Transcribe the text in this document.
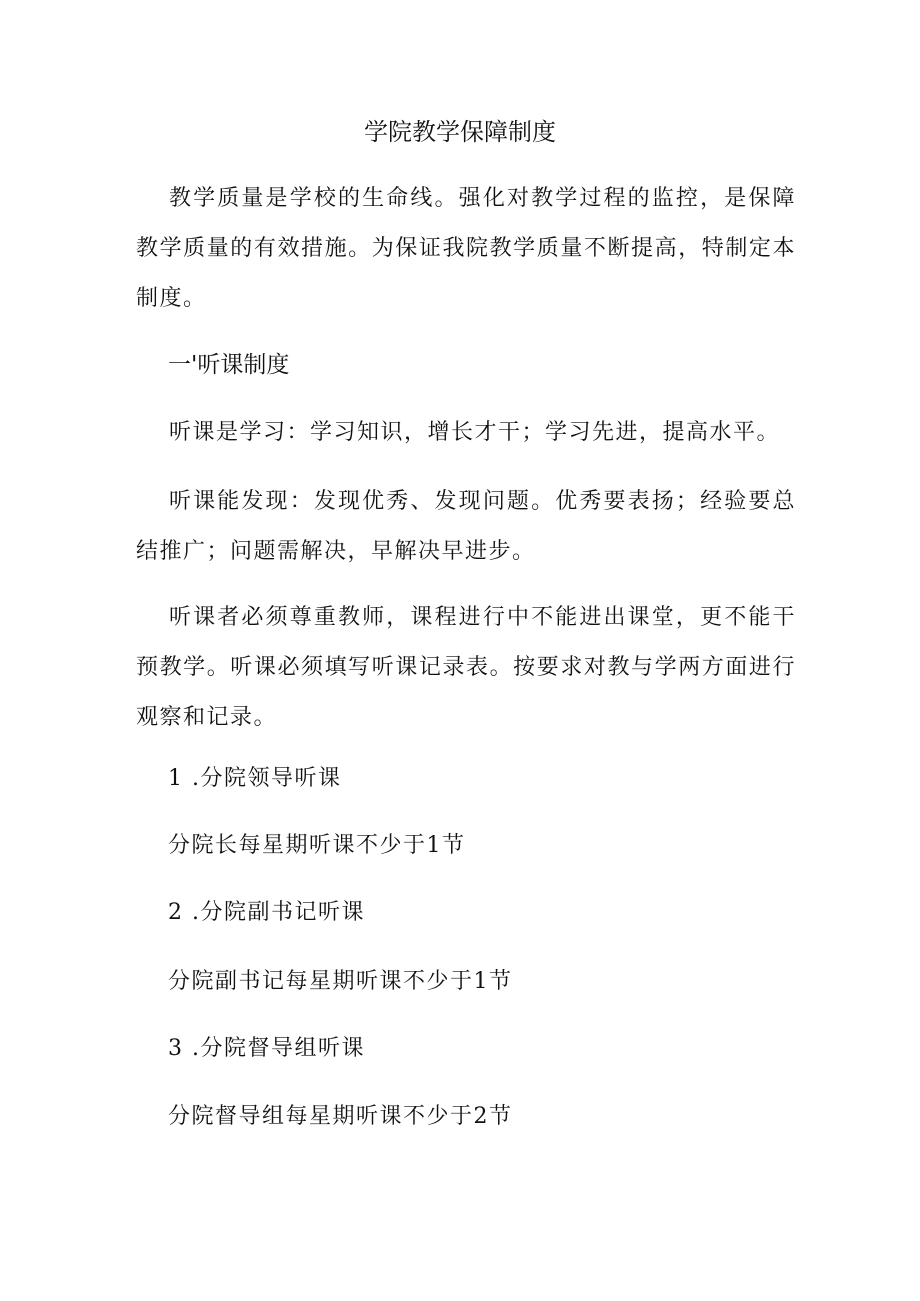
学院教学保障制度

教学质量是学校的生命线。强化对教学过程的监控，是保障教学质量的有效措施。为保证我院教学质量不断提高，特制定本制度。

一'听课制度

听课是学习：学习知识，增长才干；学习先进，提高水平。

听课能发现：发现优秀、发现问题。优秀要表扬；经验要总结推广；问题需解决，早解决早进步。

听课者必须尊重教师，课程进行中不能进出课堂，更不能干预教学。听课必须填写听课记录表。按要求对教与学两方面进行观察和记录。

1 .分院领导听课

分院长每星期听课不少于1节

2 .分院副书记听课

分院副书记每星期听课不少于1节

3 .分院督导组听课

分院督导组每星期听课不少于2节
